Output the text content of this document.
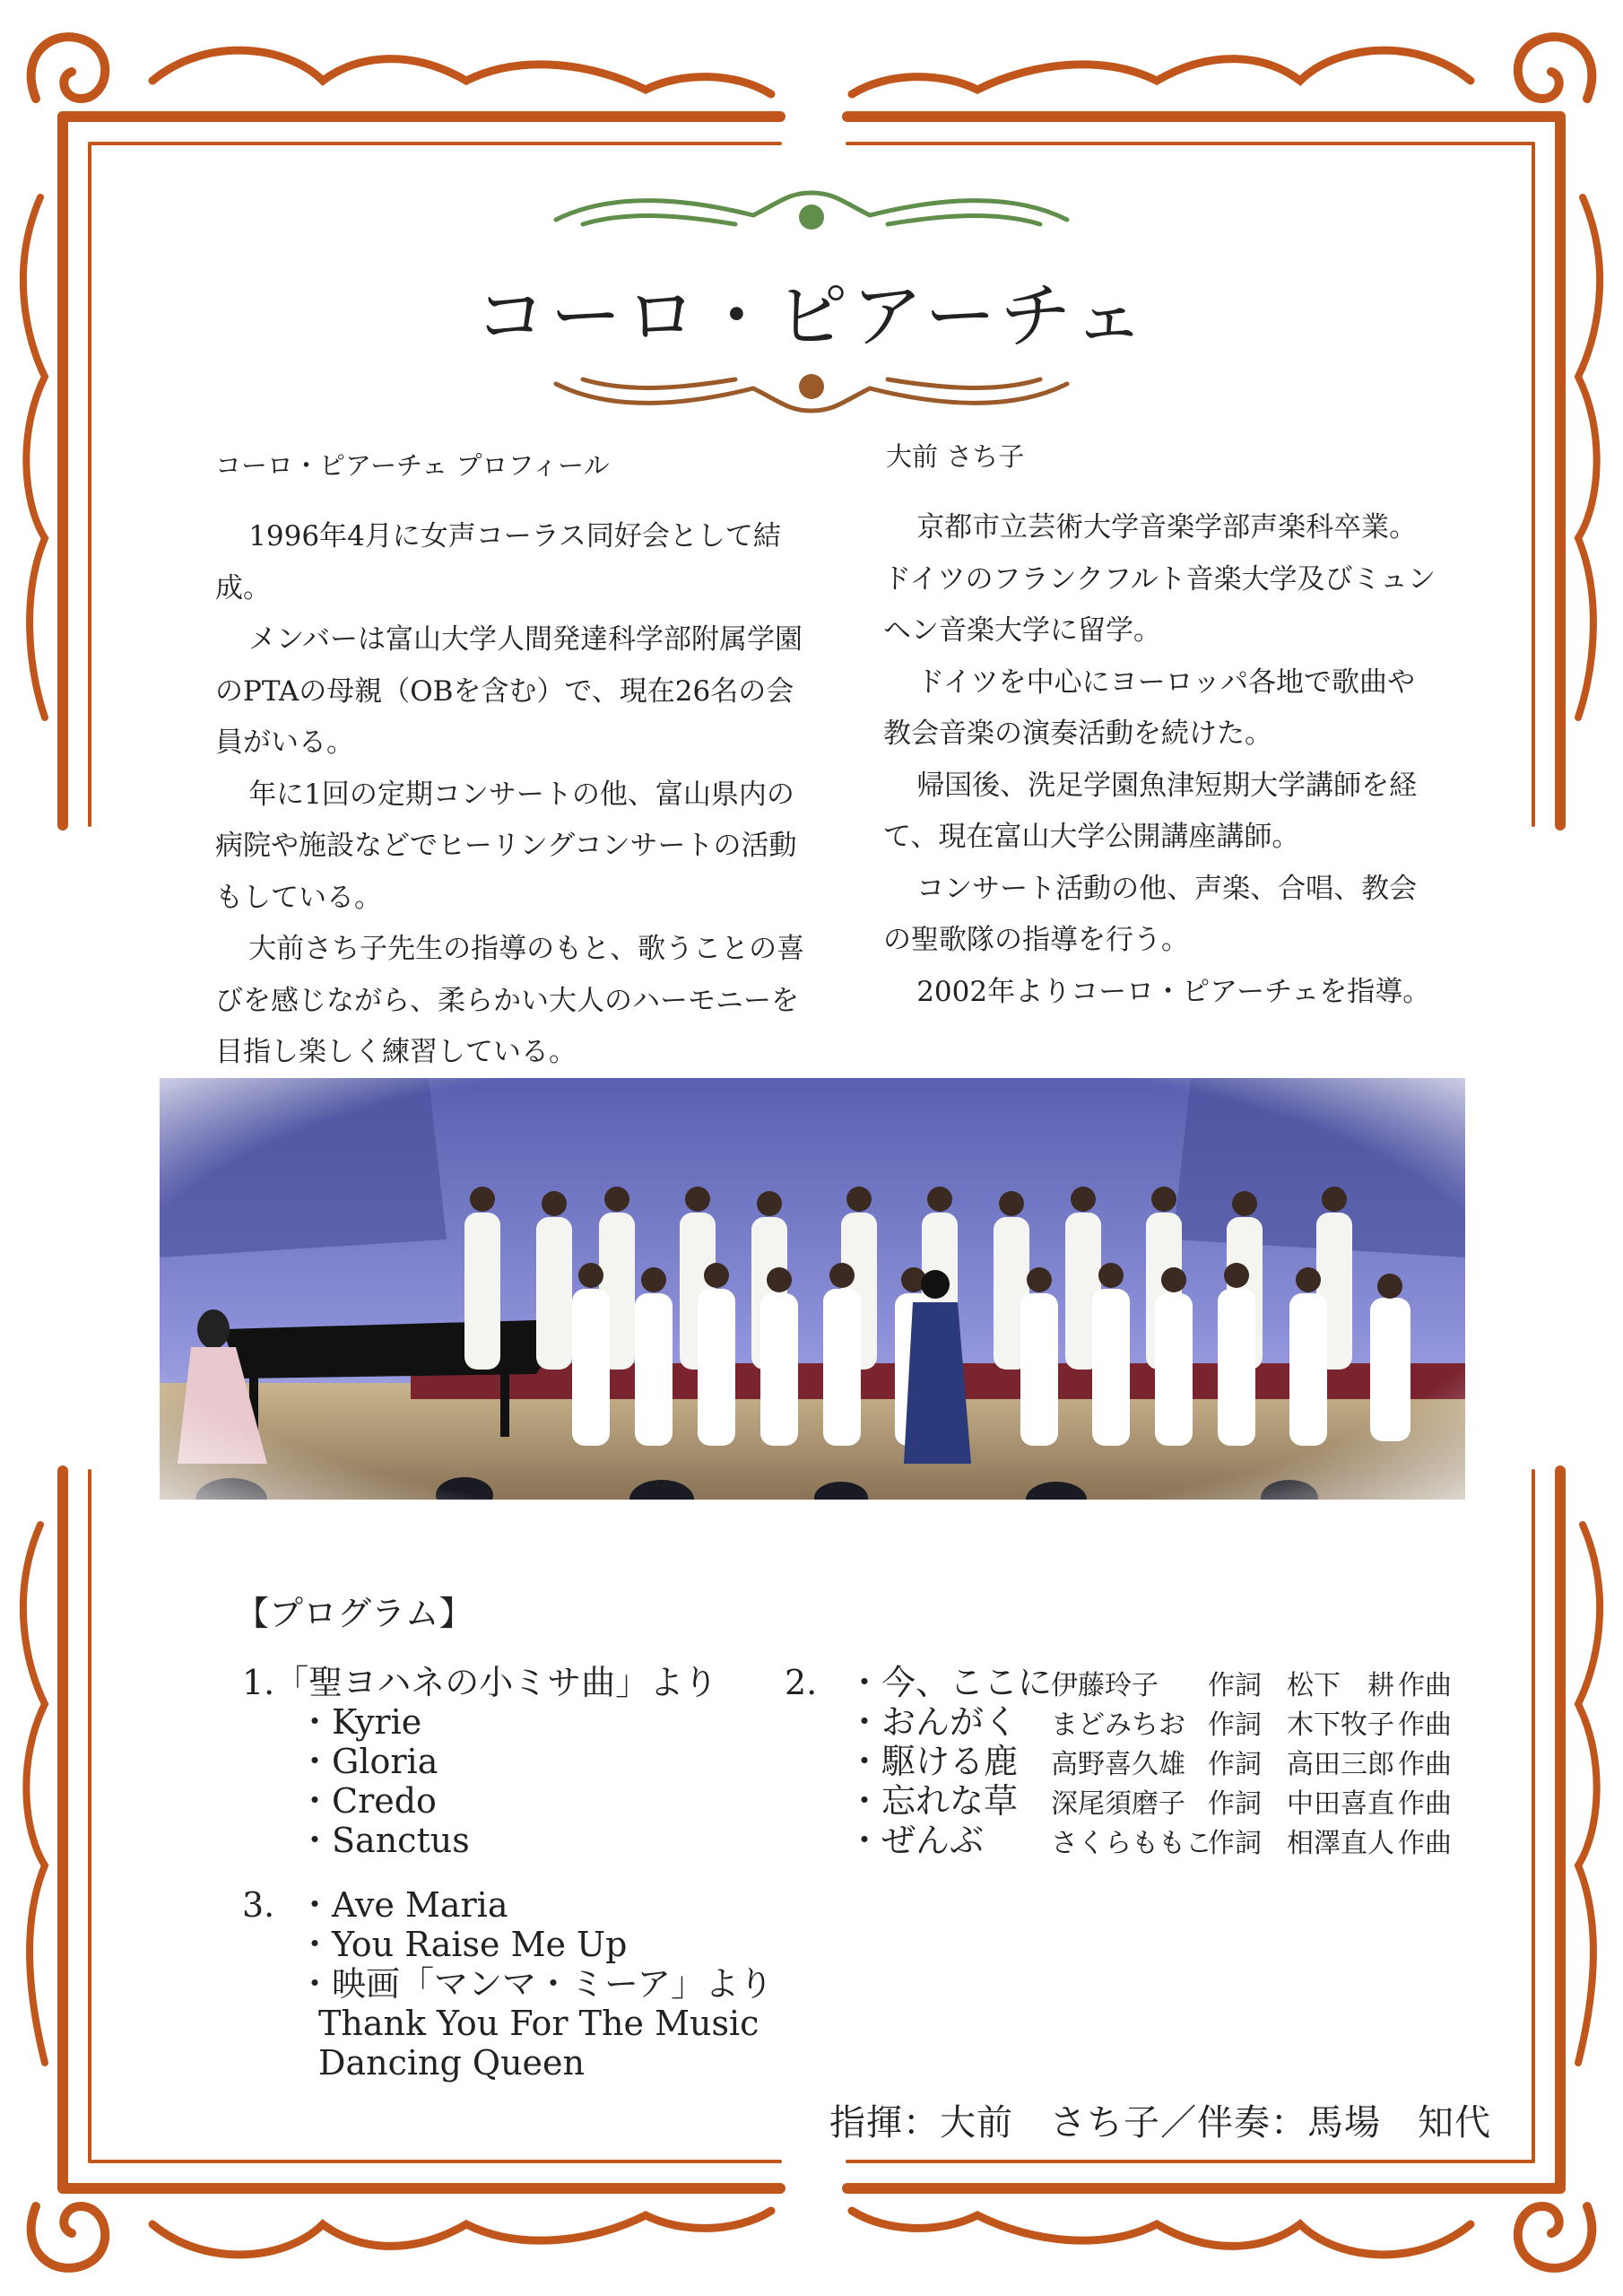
コーロ・ピアーチェ
コーロ・ピアーチェ プロフィール

1996年4月に女声コーラス同好会として結成。

メンバーは富山大学人間発達科学部附属学園のPTAの母親（OBを含む）で、現在26名の会員がいる。

年に1回の定期コンサートの他、富山県内の病院や施設などでヒーリングコンサートの活動もしている。

大前さち子先生の指導のもと、歌うことの喜びを感じながら、柔らかい大人のハーモニーを目指し楽しく練習している。

大前 さち子

京都市立芸術大学音楽学部声楽科卒業。ドイツのフランクフルト音楽大学及びミュンヘン音楽大学に留学。

ドイツを中心にヨーロッパ各地で歌曲や教会音楽の演奏活動を続けた。

帰国後、洗足学園魚津短期大学講師を経て、現在富山大学公開講座講師。

コンサート活動の他、声楽、合唱、教会の聖歌隊の指導を行う。

2002年よりコーロ・ピアーチェを指導。

【プログラム】
1.「聖ヨハネの小ミサ曲」より
・Kyrie
・Gloria
・Credo
・Sanctus
3. ・Ave Maria
・You Raise Me Up
・映画「マンマ・ミーア」より
Thank You For The Music
Dancing Queen
2. ・今、ここに
・おんがく
・駆ける鹿
・忘れな草
・ぜんぶ
伊藤玲子	作詞 松下　耕 作曲
まどみちお 作詞 木下牧子 作曲
高野喜久雄 作詞 高田三郎 作曲
深尾須磨子 作詞 中田喜直 作曲
さくらももこ
作詞 相澤直人 作曲
指揮：大前　さち子／伴奏：馬場　知代
